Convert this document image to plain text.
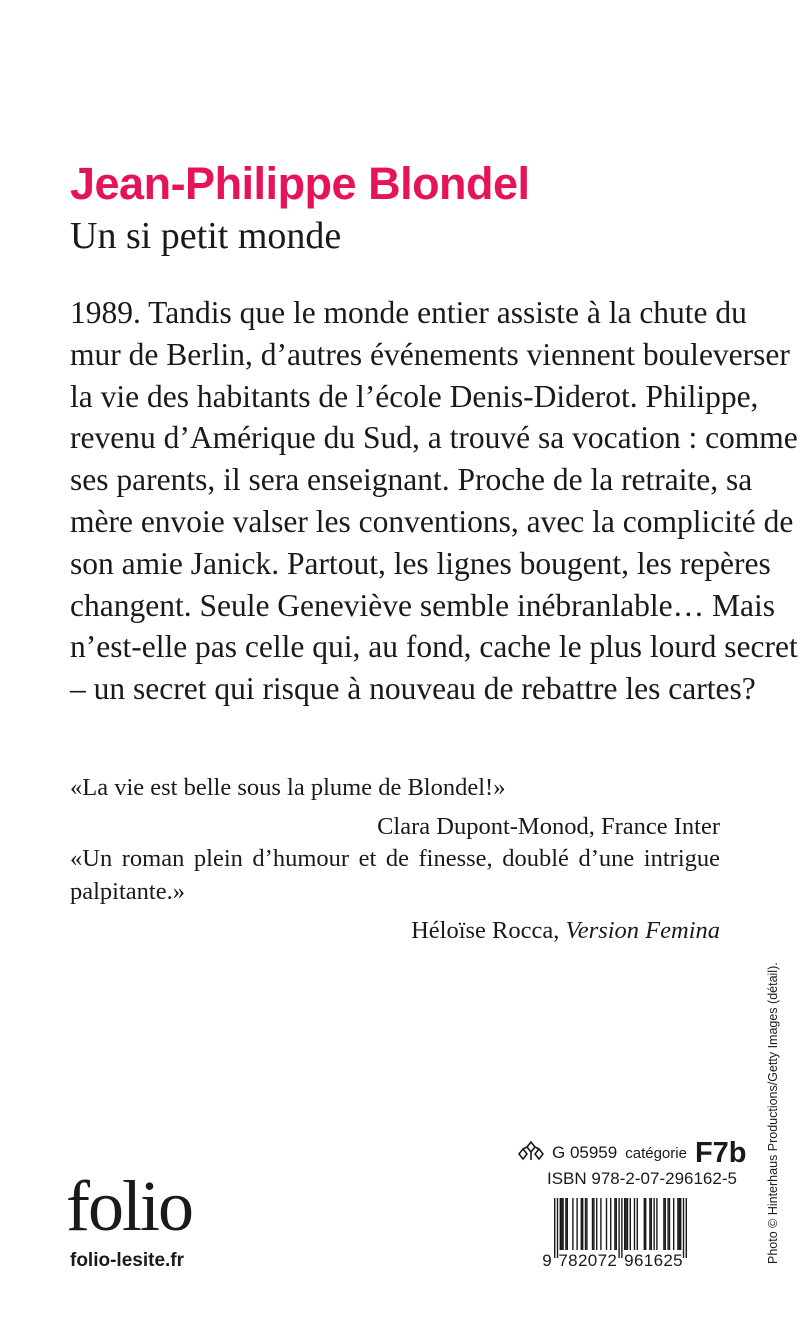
Jean-Philippe Blondel
Un si petit monde
1989. Tandis que le monde entier assiste à la chute du
mur de Berlin, d’autres événements viennent bouleverser
la vie des habitants de l’école Denis-Diderot. Philippe,
revenu d’Amérique du Sud, a trouvé sa vocation : comme
ses parents, il sera enseignant. Proche de la retraite, sa
mère envoie valser les conventions, avec la complicité de
son amie Janick. Partout, les lignes bougent, les repères
changent. Seule Geneviève semble inébranlable… Mais
n’est-elle pas celle qui, au fond, cache le plus lourd secret
– un secret qui risque à nouveau de rebattre les cartes?
«La vie est belle sous la plume de Blondel!»
Clara Dupont-Monod, France Inter
«Un roman plein d’humour et de finesse, doublé d’une intrigue
palpitante.»
Héloïse Rocca, Version Femina
G 05959 catégorie F7b
ISBN 978-2-07-296162-5
9 7 8 2 0 7 2 9 6 1 6 2 5
folio
folio-lesite.fr	Photo © Hinterhaus Productions/Getty Images (détail).
